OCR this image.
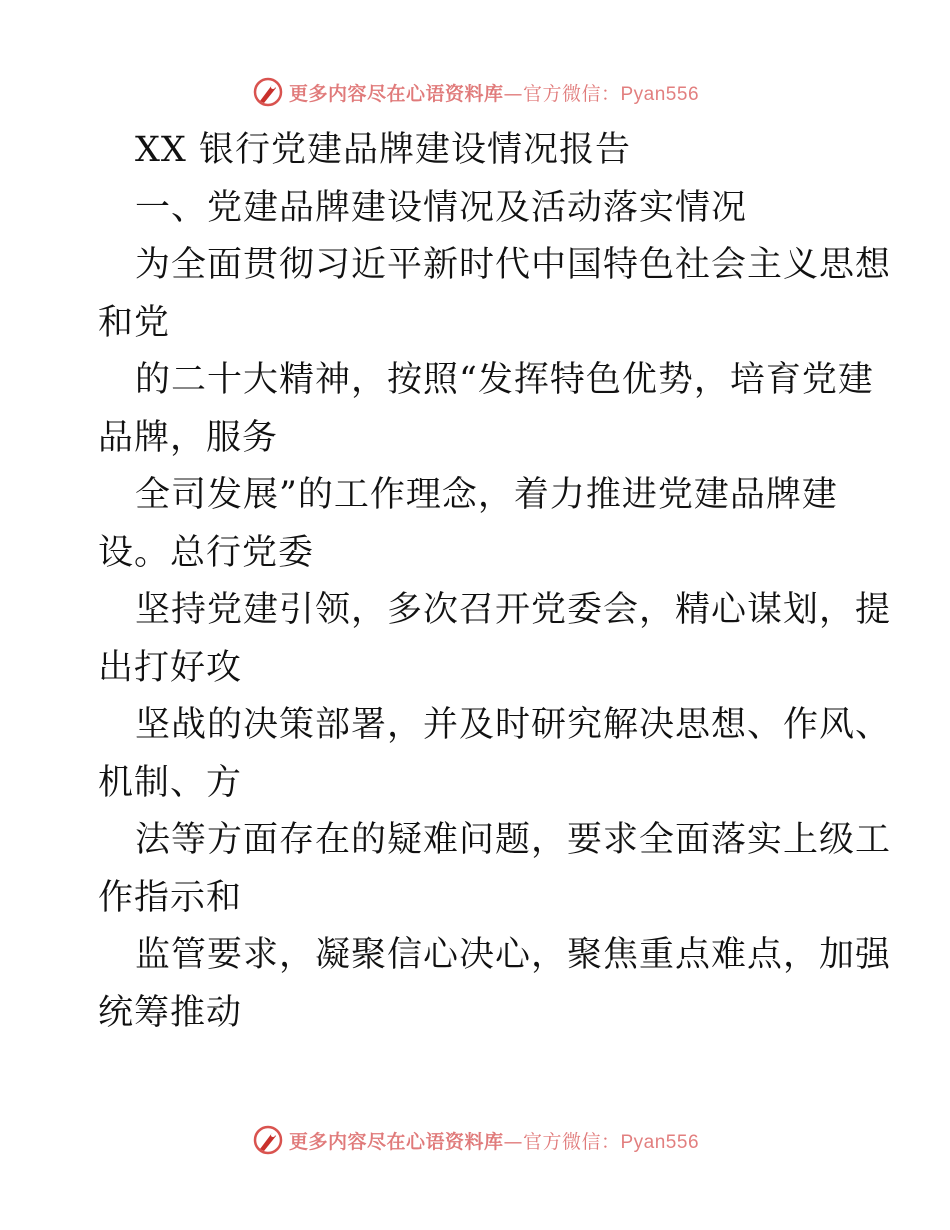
更多内容尽在心语资料库—官方微信：Pyan556
XX 银行党建品牌建设情况报告
一、党建品牌建设情况及活动落实情况
为全面贯彻习近平新时代中国特色社会主义思想
和党
的二十大精神，按照“发挥特色优势，培育党建
品牌，服务
全司发展”的工作理念，着力推进党建品牌建
设。总行党委
坚持党建引领，多次召开党委会，精心谋划，提
出打好攻
坚战的决策部署，并及时研究解决思想、作风、
机制、方
法等方面存在的疑难问题，要求全面落实上级工
作指示和
监管要求，凝聚信心决心，聚焦重点难点，加强
统筹推动
更多内容尽在心语资料库—官方微信：Pyan556
